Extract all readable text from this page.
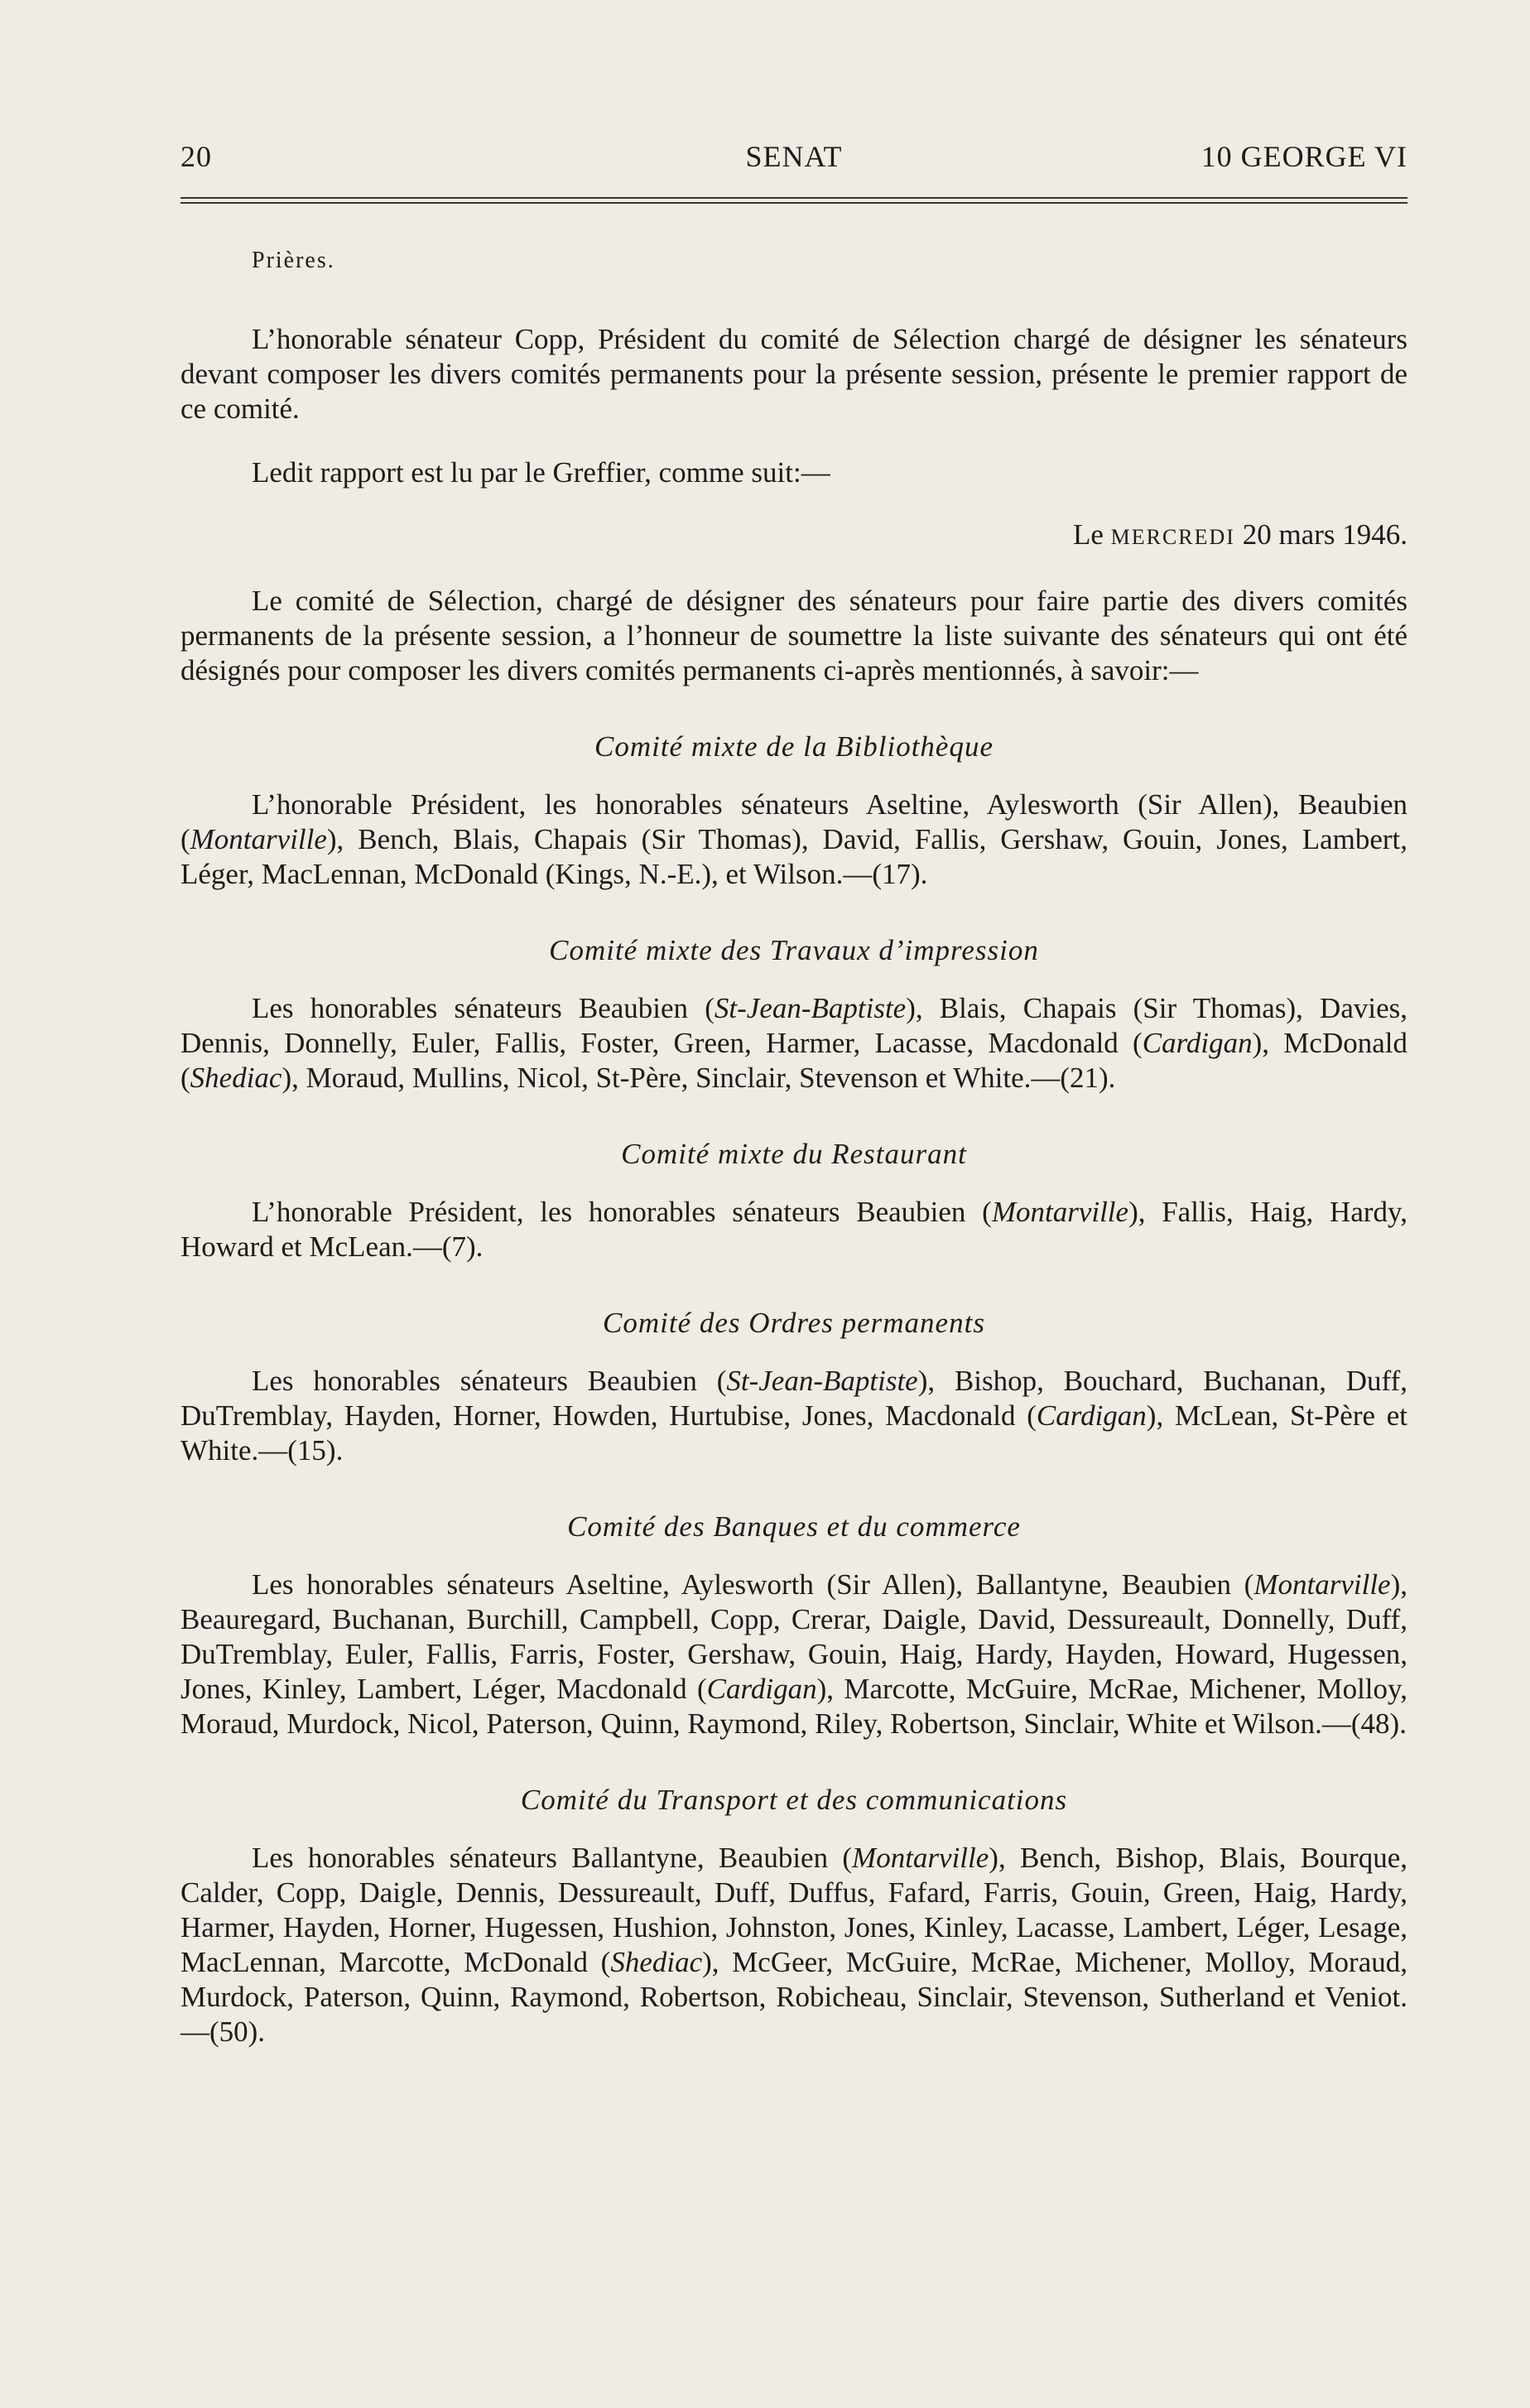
20	SENAT	10 GEORGE VI

Prières.

L’honorable sénateur Copp, Président du comité de Sélection chargé de désigner les sénateurs devant composer les divers comités permanents pour la présente session, présente le premier rapport de ce comité.

Ledit rapport est lu par le Greffier, comme suit:—

Le MERCREDI 20 mars 1946.

Le comité de Sélection, chargé de désigner des sénateurs pour faire partie des divers comités permanents de la présente session, a l’honneur de soumettre la liste suivante des sénateurs qui ont été désignés pour composer les divers comités permanents ci-après mentionnés, à savoir:—

Comité mixte de la Bibliothèque

L’honorable Président, les honorables sénateurs Aseltine, Aylesworth (Sir Allen), Beaubien (Montarville), Bench, Blais, Chapais (Sir Thomas), David, Fallis, Gershaw, Gouin, Jones, Lambert, Léger, MacLennan, McDonald (Kings, N.-E.), et Wilson.—(17).

Comité mixte des Travaux d’impression

Les honorables sénateurs Beaubien (St-Jean-Baptiste), Blais, Chapais (Sir Thomas), Davies, Dennis, Donnelly, Euler, Fallis, Foster, Green, Harmer, Lacasse, Macdonald (Cardigan), McDonald (Shediac), Moraud, Mullins, Nicol, St-Père, Sinclair, Stevenson et White.—(21).

Comité mixte du Restaurant

L’honorable Président, les honorables sénateurs Beaubien (Montarville), Fallis, Haig, Hardy, Howard et McLean.—(7).

Comité des Ordres permanents

Les honorables sénateurs Beaubien (St-Jean-Baptiste), Bishop, Bouchard, Buchanan, Duff, DuTremblay, Hayden, Horner, Howden, Hurtubise, Jones, Macdonald (Cardigan), McLean, St-Père et White.—(15).

Comité des Banques et du commerce

Les honorables sénateurs Aseltine, Aylesworth (Sir Allen), Ballantyne, Beaubien (Montarville), Beauregard, Buchanan, Burchill, Campbell, Copp, Crerar, Daigle, David, Dessureault, Donnelly, Duff, DuTremblay, Euler, Fallis, Farris, Foster, Gershaw, Gouin, Haig, Hardy, Hayden, Howard, Hugessen, Jones, Kinley, Lambert, Léger, Macdonald (Cardigan), Marcotte, McGuire, McRae, Michener, Molloy, Moraud, Murdock, Nicol, Paterson, Quinn, Raymond, Riley, Robertson, Sinclair, White et Wilson.—(48).

Comité du Transport et des communications

Les honorables sénateurs Ballantyne, Beaubien (Montarville), Bench, Bishop, Blais, Bourque, Calder, Copp, Daigle, Dennis, Dessureault, Duff, Duffus, Fafard, Farris, Gouin, Green, Haig, Hardy, Harmer, Hayden, Horner, Hugessen, Hushion, Johnston, Jones, Kinley, Lacasse, Lambert, Léger, Lesage, MacLennan, Marcotte, McDonald (Shediac), McGeer, McGuire, McRae, Michener, Molloy, Moraud, Murdock, Paterson, Quinn, Raymond, Robertson, Robicheau, Sinclair, Stevenson, Sutherland et Veniot.—(50).
